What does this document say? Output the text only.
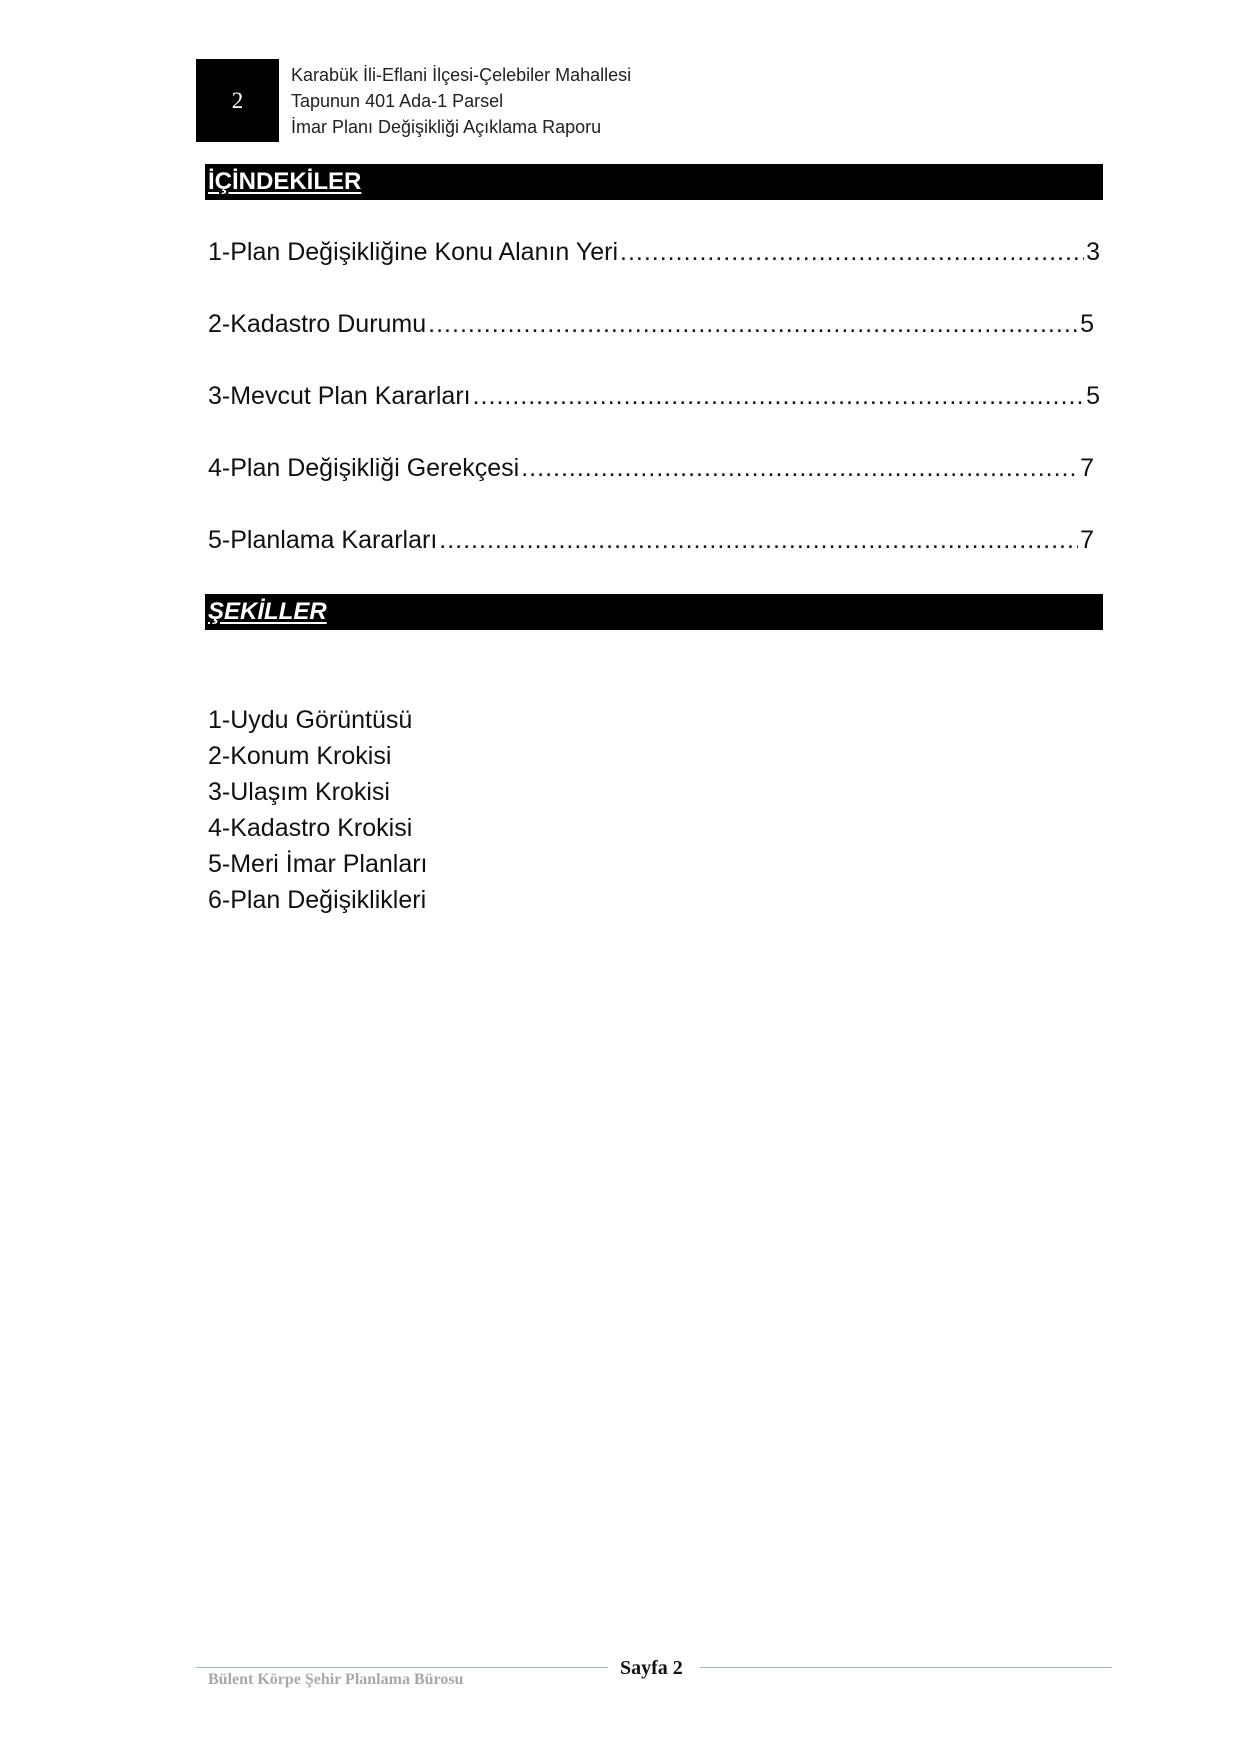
2
Karabük İli-Eflani İlçesi-Çelebiler Mahallesi
Tapunun 401 Ada-1 Parsel
İmar Planı Değişikliği Açıklama Raporu
İÇİNDEKİLER
1-Plan Değişikliğine Konu Alanın Yeri .....	3
2-Kadastro Durumu .....	5
3-Mevcut Plan Kararları .....	5
4-Plan Değişikliği Gerekçesi .....	7
5-Planlama Kararları .....	7
ŞEKİLLER
1-Uydu Görüntüsü
2-Konum Krokisi
3-Ulaşım Krokisi
4-Kadastro Krokisi
5-Meri İmar Planları
6-Plan Değişiklikleri
Sayfa 2
Bülent Körpe Şehir Planlama Bürosu
